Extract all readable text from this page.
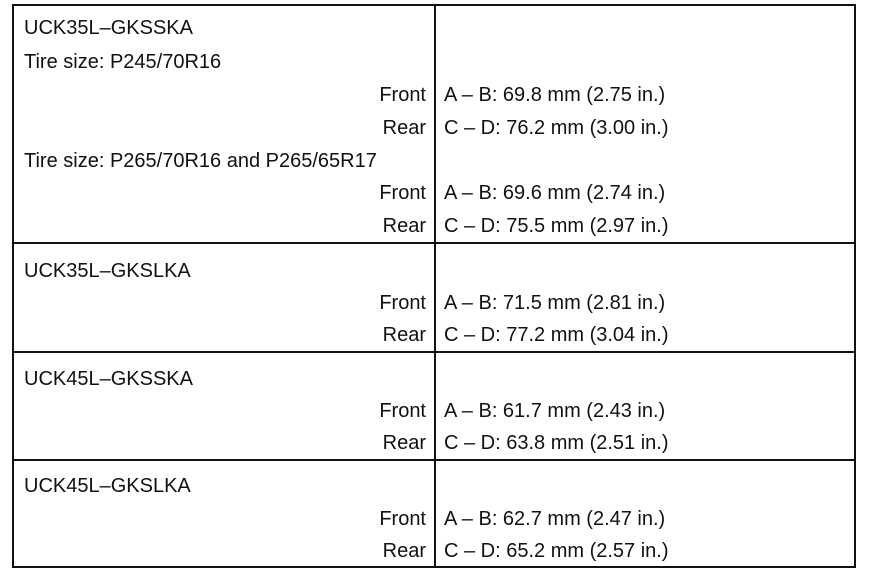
UCK35L–GKSSKA
Tire size: P245/70R16
Front A – B: 69.8 mm (2.75 in.)
Rear C – D: 76.2 mm (3.00 in.)
Tire size: P265/70R16 and P265/65R17
Front A – B: 69.6 mm (2.74 in.)
Rear C – D: 75.5 mm (2.97 in.)
UCK35L–GKSLKA
Front A – B: 71.5 mm (2.81 in.)
Rear C – D: 77.2 mm (3.04 in.)
UCK45L–GKSSKA
Front A – B: 61.7 mm (2.43 in.)
Rear C – D: 63.8 mm (2.51 in.)
UCK45L–GKSLKA
Front A – B: 62.7 mm (2.47 in.)
Rear C – D: 65.2 mm (2.57 in.)
